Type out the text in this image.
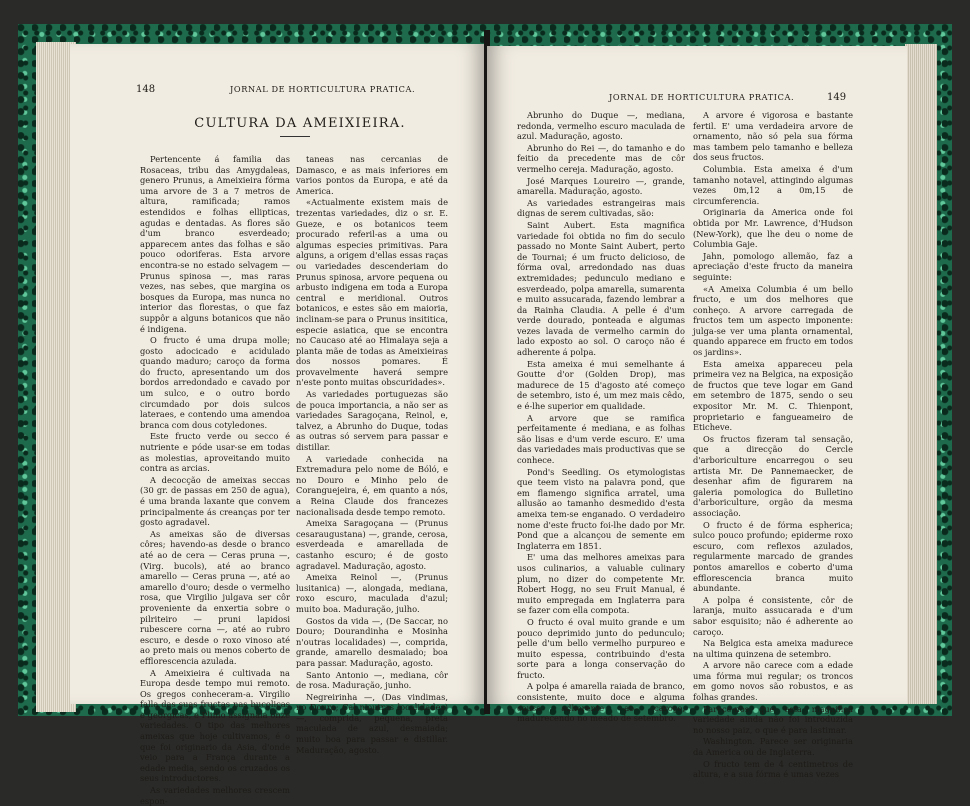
148	JORNAL DE HORTICULTURA PRATICA.
CULTURA DA AMEIXIEIRA.

Pertencente á familia das Rosaceas, tribu das Amygdaleas, genero Prunus, a Ameixieira fórma uma arvore de 3 a 7 metros de altura, ramificada; ramos estendidos e folhas ellipticas, agudas e dentadas. As flores são d'um branco esverdeado; apparecem antes das folhas e são pouco odoriferas. Esta arvore encontra-se no estado selvagem — Prunus spinosa —, mas raras vezes, nas sebes, que margina os bosques da Europa, mas nunca no interior das florestas, o que faz suppôr a alguns botanicos que não é indigena.

O fructo é uma drupa molle; gosto adocicado e acidulado quando maduro; caroço da forma do fructo, apresentando um dos bordos arredondado e cavado por um sulco, e o outro bordo circumdado por dois sulcos lateraes, e contendo uma amendoa branca com dous cotyledones.

Este fructo verde ou secco é nutriente e póde usar-se em todas as molestias, aproveitando muito contra as arcias.

A decocção de ameixas seccas (30 gr. de passas em 250 de agua), é uma branda laxante que convem principalmente ás creanças por ter gosto agradavel.

As ameixas são de diversas côres; havendo-as desde o branco até ao de cera — Ceras pruna —, (Virg. bucols), até ao branco amarello — Ceras pruna —, até ao amarello d'ouro; desde o vermelho rosa, que Virgilio julgava ser côr proveniente da enxertia sobre o pilriteiro — pruni lapidosi rubescere corna —, até ao rubro escuro, e desde o roxo vinoso até ao preto mais ou menos coberto de efflorescencia azulada.

A Ameixieira é cultivada na Europa desde tempo mui remoto. Os gregos conheceram-a. Virgilio falla das suas fructas nas bucolicas e georgicas, e Plinio assignala onze variedades. O tipo das melhores ameixas que hoje cultivamos, é o que foi originario da Asia, d'onde veio para a França durante a edade media, sendo os cruzados os seus introductores.

As variedades melhores crescem espon-

taneas nas cercanias de Damasco, e as mais inferiores em varios pontos da Europa, e até da America.

«Actualmente existem mais de trezentas variedades, diz o sr. E. Gueze, e os botanicos teem procurado referil-as a uma ou algumas especies primitivas. Para alguns, a origem d'ellas essas raças ou variedades descenderiam do Prunus spinosa, arvore pequena ou arbusto indigena em toda a Europa central e meridional. Outros botanicos, e estes são em maioria, inclinam-se para o Prunus insititica, especie asiatica, que se encontra no Caucaso até ao Himalaya seja a planta mãe de todas as Ameixieiras dos nossos pomares. É provavelmente haverá sempre n'este ponto muitas obscuridades».

As variedades portuguezas são de pouca importancia, a não ser as variedades Saragoçana, Reinol, e, talvez, a Abrunho do Duque, todas as outras só servem para passar e distillar.

A variedade conhecida na Extremadura pelo nome de Bóló, e no Douro e Minho pelo de Coranguejeira, é, em quanto a nós, a Reina Claude dos francezes nacionalisada desde tempo remoto.

Ameixa Saragoçana — (Prunus cesaraugustana) —, grande, cerosa, esverdeada e amarellada de castanho escuro; é de gosto agradavel. Maduração, agosto.

Ameixa Reinol —, (Prunus lusitanica) —, alongada, mediana, roxo escuro, maculada d'azul; muito boa. Maduração, julho.

Gostos da vida —, (De Saccar, no Douro; Dourandinha e Mosinha n'outras localidades) —, comprida, grande, amarello desmaiado; boa para passar. Maduração, agosto.

Santo Antonio —, mediana, côr de rosa. Maduração, junho.

Negreirinha —, (Das vindimas, no Douro; Cal n'outras localidades) —, comprida, pequena, preta maculada de azul, desmaiada; muito boa para passar e distillar. Maduração, agosto.

JORNAL DE HORTICULTURA PRATICA.	149

Abrunho do Duque —, mediana, redonda, vermelho escuro maculada de azul. Maduração, agosto.

Abrunho do Rei —, do tamanho e do feitio da precedente mas de côr vermelho cereja. Maduração, agosto.

José Marques Loureiro —, grande, amarella. Maduração, agosto.

As variedades estrangeiras mais dignas de serem cultivadas, são:

Saint Aubert. Esta magnifica variedade foi obtida no fim do seculo passado no Monte Saint Aubert, perto de Tournai; é um fructo delicioso, de fórma oval, arredondado nas duas extremidades; pedunculo mediano e esverdeado, polpa amarella, sumarenta e muito assucarada, fazendo lembrar a da Rainha Claudia. A pelle é d'um verde dourado, ponteada e algumas vezes lavada de vermelho carmin do lado exposto ao sol. O caroço não é adherente á polpa.

Esta ameixa é mui semelhante á Goutte d'or (Golden Drop), mas madurece de 15 d'agosto até começo de setembro, isto é, um mez mais cêdo, e é-lhe superior em qualidade.

A arvore que se ramifica perfeitamente é mediana, e as folhas são lisas e d'um verde escuro. E' uma das variedades mais productivas que se conhece.

Pond's Seedling. Os etymologistas que teem visto na palavra pond, que em flamengo significa arratel, uma allusão ao tamanho desmedido d'esta ameixa tem-se enganado. O verdadeiro nome d'este fructo foi-lhe dado por Mr. Pond que a alcançou de semente em Inglaterra em 1851.

E' uma das melhores ameixas para usos culinarios, a valuable culinary plum, no dizer do competente Mr. Robert Hogg, no seu Fruit Manual, é muito empregada em Inglaterra para se fazer com ella compota.

O fructo é oval muito grande e um pouco deprimido junto do pedunculo; pelle d'um bello vermelho purpureo e muito espessa, contribuindo d'esta sorte para a longa conservação do fructo.

A polpa é amarella raiada de branco, consistente, muito doce e alguma cousa adherente ao caroço, madurecendo no meado de setembro.

A arvore é vigorosa e bastante fertil. E' uma verdadeira arvore de ornamento, não só pela sua fórma mas tambem pelo tamanho e belleza dos seus fructos.

Columbia. Esta ameixa é d'um tamanho notavel, attingindo algumas vezes 0m,12 a 0m,15 de circumferencia.

Originaria da America onde foi obtida por Mr. Lawrence, d'Hudson (New-York), que lhe deu o nome de Columbia Gaje.

Jahn, pomologo allemão, faz a apreciação d'este fructo da maneira seguinte:

«A Ameixa Columbia é um bello fructo, e um dos melhores que conheço. A arvore carregada de fructos tem um aspecto imponente: julga-se ver uma planta ornamental, quando apparece em fructo em todos os jardins».

Esta ameixa appareceu pela primeira vez na Belgica, na exposição de fructos que teve logar em Gand em setembro de 1875, sendo o seu expositor Mr. M. C. Thienpont, proprietario e fangueameiro de Eticheve.

Os fructos fizeram tal sensação, que a direcção do Cercle d'arboriculture encarregou o seu artista Mr. De Pannemaecker, de desenhar afim de figurarem na galeria pomologica do Bulletino d'arboriculture, orgão da mesma associação.

O fructo é de fórma espherica; sulco pouco profundo; epiderme roxo escuro, com reflexos azulados, regularmente marcado de grandes pontos amarellos e coberto d'uma efflorescencia branca muito abundante.

A polpa é consistente, côr de laranja, muito assucarada e d'um sabor esquisito; não é adherente ao caroço.

Na Belgica esta ameixa madurece na ultima quinzena de setembro.

A arvore não carece com a edade uma fórma mui regular; os troncos em gomo novos são robustos, e as folhas grandes.

Parece-nos que esta magnifica variedade ainda não foi introduzida no nosso paiz, o que é para lastimar.

Washington. Parece ser originaria da America ou de Inglaterra.

O fructo tem de 4 centimetros de altura, e a sua fórma é umas vezes
